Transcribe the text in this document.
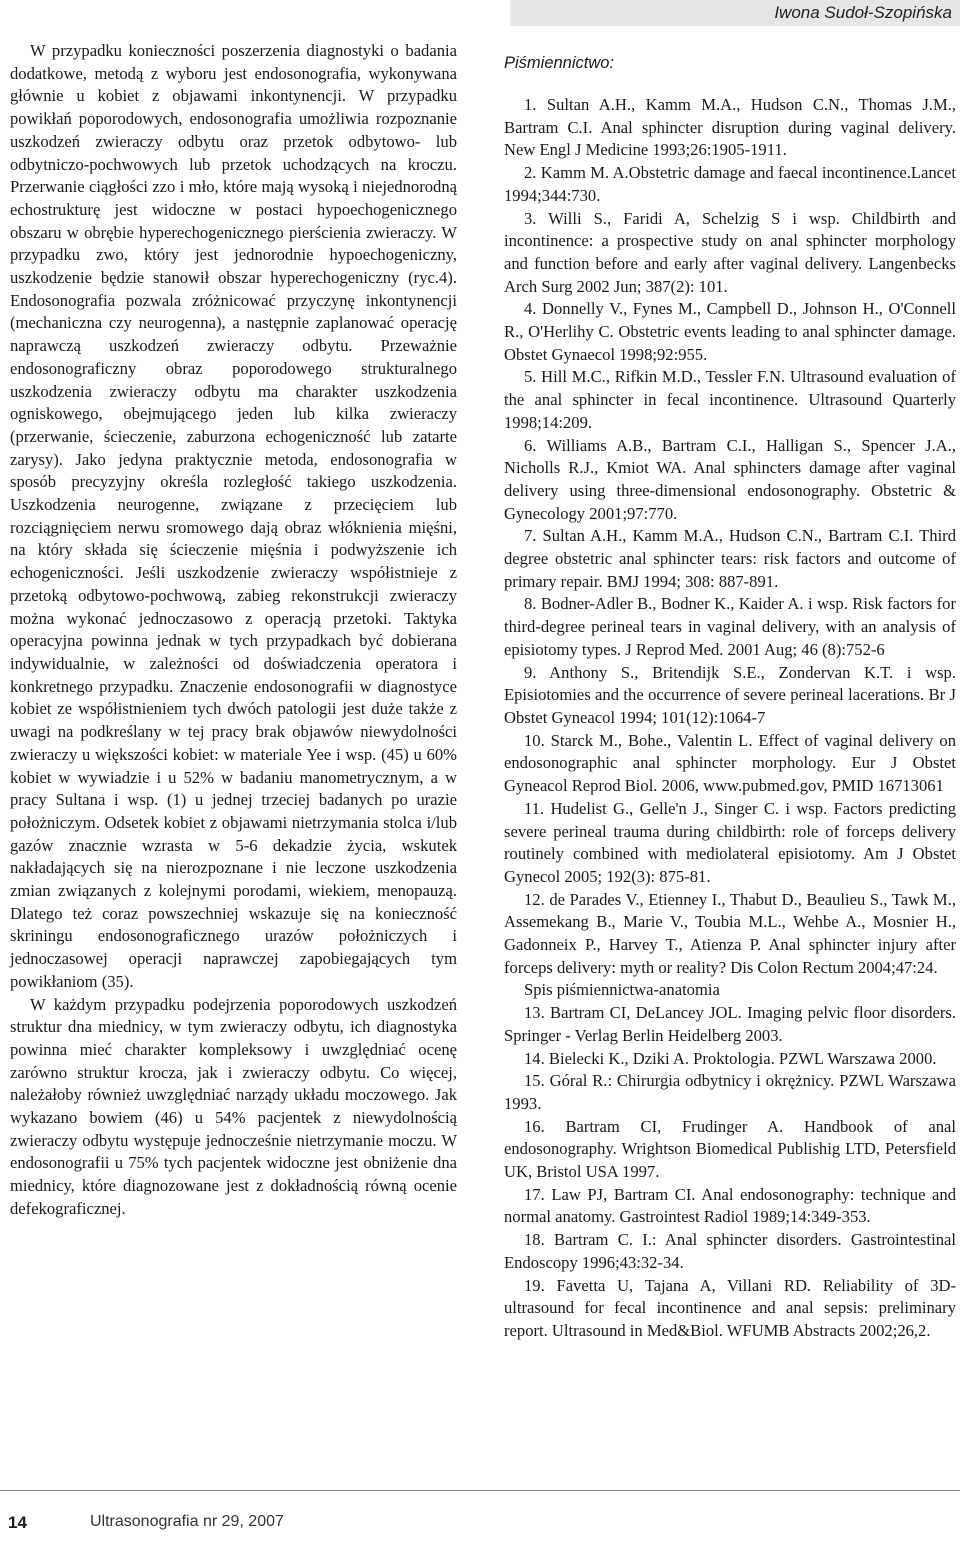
Iwona Sudoł-Szopińska

W przypadku konieczności poszerzenia diagnostyki o badania dodatkowe, metodą z wyboru jest endosonografia, wykonywana głównie u kobiet z objawami inkontynencji. W przypadku powikłań poporodowych, endosonografia umożliwia rozpoznanie uszkodzeń zwieraczy odbytu oraz przetok odbytowo- lub odbytniczo-pochwowych lub przetok uchodzących na kroczu. Przerwanie ciągłości zzo i mło, które mają wysoką i niejednorodną echostrukturę jest widoczne w postaci hypoechogenicznego obszaru w obrębie hyperechogenicznego pierścienia zwieraczy. W przypadku zwo, który jest jednorodnie hypoechogeniczny, uszkodzenie będzie stanowił obszar hyperechogeniczny (ryc.4). Endosonografia pozwala zróżnicować przyczynę inkontynencji (mechaniczna czy neurogenna), a następnie zaplanować operację naprawczą uszkodzeń zwieraczy odbytu. Przeważnie endosonograficzny obraz poporodowego strukturalnego uszkodzenia zwieraczy odbytu ma charakter uszkodzenia ogniskowego, obejmującego jeden lub kilka zwieraczy (przerwanie, ścieczenie, zaburzona echogeniczność lub zatarte zarysy). Jako jedyna praktycznie metoda, endosonografia w sposób precyzyjny określa rozległość takiego uszkodzenia. Uszkodzenia neurogenne, związane z przecięciem lub rozciągnięciem nerwu sromowego dają obraz włóknienia mięśni, na który składa się ścieczenie mięśnia i podwyższenie ich echogeniczności. Jeśli uszkodzenie zwieraczy współistnieje z przetoką odbytowo-pochwową, zabieg rekonstrukcji zwieraczy można wykonać jednoczasowo z operacją przetoki. Taktyka operacyjna powinna jednak w tych przypadkach być dobierana indywidualnie, w zależności od doświadczenia operatora i konkretnego przypadku. Znaczenie endosonografii w diagnostyce kobiet ze współistnieniem tych dwóch patologii jest duże także z uwagi na podkreślany w tej pracy brak objawów niewydolności zwieraczy u większości kobiet: w materiale Yee i wsp. (45) u 60% kobiet w wywiadzie i u 52% w badaniu manometrycznym, a w pracy Sultana i wsp. (1) u jednej trzeciej badanych po urazie położniczym. Odsetek kobiet z objawami nietrzymania stolca i/lub gazów znacznie wzrasta w 5-6 dekadzie życia, wskutek nakładających się na nierozpoznane i nie leczone uszkodzenia zmian związanych z kolejnymi porodami, wiekiem, menopauzą. Dlatego też coraz powszechniej wskazuje się na konieczność skriningu endosonograficznego urazów położniczych i jednoczasowej operacji naprawczej zapobiegających tym powikłaniom (35).

W każdym przypadku podejrzenia poporodowych uszkodzeń struktur dna miednicy, w tym zwieraczy odbytu, ich diagnostyka powinna mieć charakter kompleksowy i uwzględniać ocenę zarówno struktur krocza, jak i zwieraczy odbytu. Co więcej, należałoby również uwzględniać narządy układu moczowego. Jak wykazano bowiem (46) u 54% pacjentek z niewydolnością zwieraczy odbytu występuje jednocześnie nietrzymanie moczu. W endosonografii u 75% tych pacjentek widoczne jest obniżenie dna miednicy, które diagnozowane jest z dokładnością równą ocenie defekograficznej.

Piśmiennictwo:

1. Sultan A.H., Kamm M.A., Hudson C.N., Thomas J.M., Bartram C.I. Anal sphincter disruption during vaginal delivery. New Engl J Medicine 1993;26:1905-1911.

2. Kamm M. A.Obstetric damage and faecal incontinence.Lancet 1994;344:730.

3. Willi S., Faridi A, Schelzig S i wsp. Childbirth and incontinence: a prospective study on anal sphincter morphology and function before and early after vaginal delivery. Langenbecks Arch Surg 2002 Jun; 387(2): 101.

4. Donnelly V., Fynes M., Campbell D., Johnson H., O'Connell R., O'Herlihy C. Obstetric events leading to anal sphincter damage. Obstet Gynaecol 1998;92:955.

5. Hill M.C., Rifkin M.D., Tessler F.N. Ultrasound evaluation of the anal sphincter in fecal incontinence. Ultrasound Quarterly 1998;14:209.

6. Williams A.B., Bartram C.I., Halligan S., Spencer J.A., Nicholls R.J., Kmiot WA. Anal sphincters damage after vaginal delivery using three-dimensional endosonography. Obstetric & Gynecology 2001;97:770.

7. Sultan A.H., Kamm M.A., Hudson C.N., Bartram C.I. Third degree obstetric anal sphincter tears: risk factors and outcome of primary repair. BMJ 1994; 308: 887-891.

8. Bodner-Adler B., Bodner K., Kaider A. i wsp. Risk factors for third-degree perineal tears in vaginal delivery, with an analysis of episiotomy types. J Reprod Med. 2001 Aug; 46 (8):752-6

9. Anthony S., Britendijk S.E., Zondervan K.T. i wsp. Episiotomies and the occurrence of severe perineal lacerations. Br J Obstet Gyneacol 1994; 101(12):1064-7

10. Starck M., Bohe., Valentin L. Effect of vaginal delivery on endosonographic anal sphincter morphology. Eur J Obstet Gyneacol Reprod Biol. 2006, www.pubmed.gov, PMID 16713061

11. Hudelist G., Gelle'n J., Singer C. i wsp. Factors predicting severe perineal trauma during childbirth: role of forceps delivery routinely combined with mediolateral episiotomy. Am J Obstet Gynecol 2005; 192(3): 875-81.

12. de Parades V., Etienney I., Thabut D., Beaulieu S., Tawk M., Assemekang B., Marie V., Toubia M.L., Wehbe A., Mosnier H., Gadonneix P., Harvey T., Atienza P. Anal sphincter injury after forceps delivery: myth or reality? Dis Colon Rectum 2004;47:24.

Spis piśmiennictwa-anatomia

13. Bartram CI, DeLancey JOL. Imaging pelvic floor disorders. Springer - Verlag Berlin Heidelberg 2003.

14. Bielecki K., Dziki A. Proktologia. PZWL Warszawa 2000.

15. Góral R.: Chirurgia odbytnicy i okrężnicy. PZWL Warszawa 1993.

16. Bartram CI, Frudinger A. Handbook of anal endosonography. Wrightson Biomedical Publishig LTD, Petersfield UK, Bristol USA 1997.

17. Law PJ, Bartram CI. Anal endosonography: technique and normal anatomy. Gastrointest Radiol 1989;14:349-353.

18. Bartram C. I.: Anal sphincter disorders. Gastrointestinal Endoscopy 1996;43:32-34.

19. Favetta U, Tajana A, Villani RD. Reliability of 3D-ultrasound for fecal incontinence and anal sepsis: preliminary report. Ultrasound in Med&Biol. WFUMB Abstracts 2002;26,2.

14	Ultrasonografia nr 29, 2007
